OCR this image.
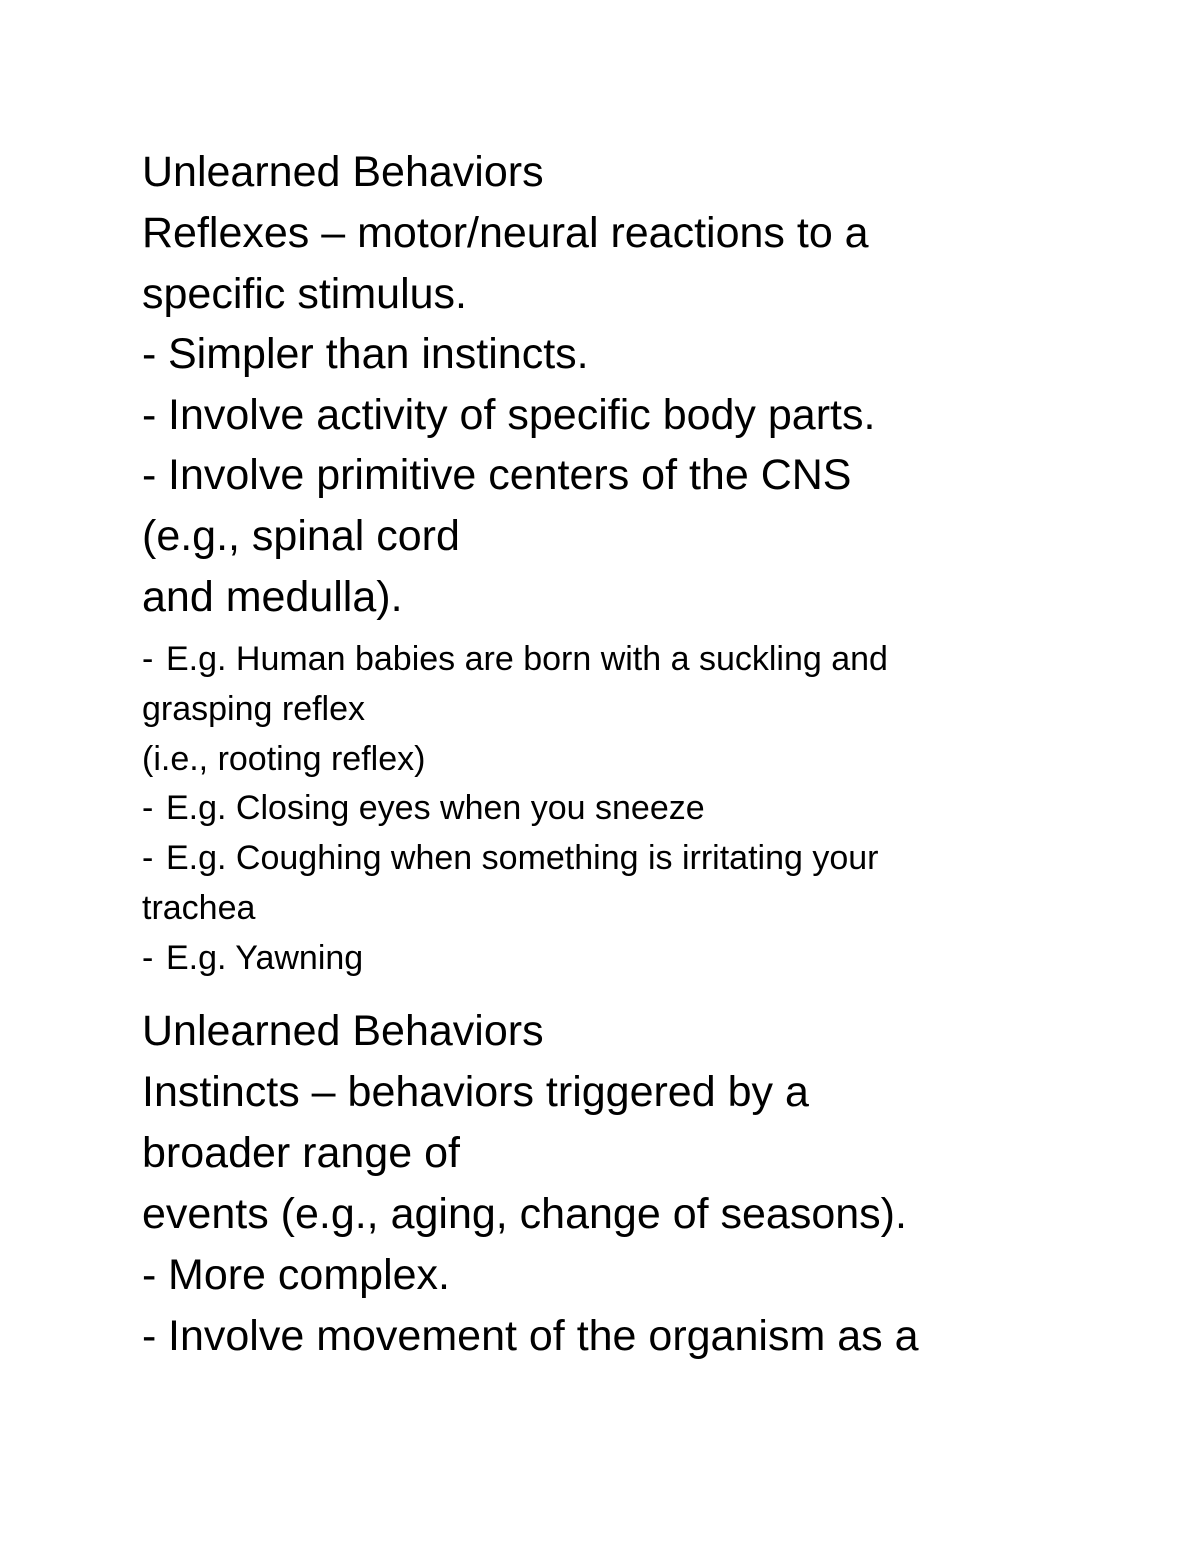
Unlearned Behaviors
Reflexes – motor/neural reactions to a
specific stimulus.
- Simpler than instincts.
- Involve activity of specific body parts.
- Involve primitive centers of the CNS
(e.g., spinal cord
and medulla).
- E.g. Human babies are born with a suckling and
grasping reflex
(i.e., rooting reflex)
- E.g. Closing eyes when you sneeze
- E.g. Coughing when something is irritating your
trachea
- E.g. Yawning
Unlearned Behaviors
Instincts – behaviors triggered by a
broader range of
events (e.g., aging, change of seasons).
- More complex.
- Involve movement of the organism as a
